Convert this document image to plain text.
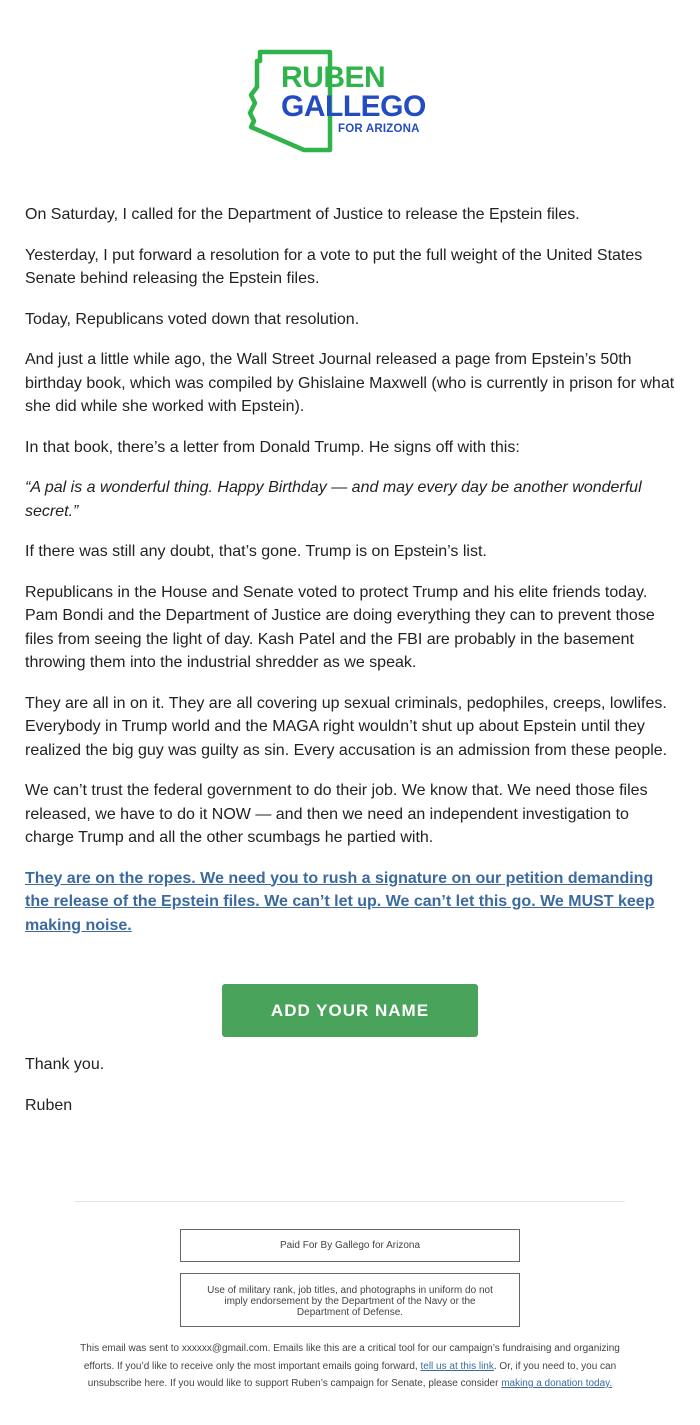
RUBEN
GALLEGO
FOR ARIZONA

On Saturday, I called for the Department of Justice to release the Epstein files.

Yesterday, I put forward a resolution for a vote to put the full weight of the United States Senate behind releasing the Epstein files.

Today, Republicans voted down that resolution.

And just a little while ago, the Wall Street Journal released a page from Epstein’s 50th birthday book, which was compiled by Ghislaine Maxwell (who is currently in prison for what she did while she worked with Epstein).

In that book, there’s a letter from Donald Trump. He signs off with this:

“A pal is a wonderful thing. Happy Birthday — and may every day be another wonderful secret.”

If there was still any doubt, that’s gone. Trump is on Epstein’s list.

Republicans in the House and Senate voted to protect Trump and his elite friends today. Pam Bondi and the Department of Justice are doing everything they can to prevent those files from seeing the light of day. Kash Patel and the FBI are probably in the basement throwing them into the industrial shredder as we speak.

They are all in on it. They are all covering up sexual criminals, pedophiles, creeps, lowlifes. Everybody in Trump world and the MAGA right wouldn’t shut up about Epstein until they realized the big guy was guilty as sin. Every accusation is an admission from these people.

We can’t trust the federal government to do their job. We know that. We need those files released, we have to do it NOW — and then we need an independent investigation to charge Trump and all the other scumbags he partied with.

They are on the ropes. We need you to rush a signature on our petition demanding the release of the Epstein files. We can’t let up. We can’t let this go. We MUST keep making noise.
ADD YOUR NAME
Thank you.
Ruben
Paid For By Gallego for Arizona
Use of military rank, job titles, and photographs in uniform do not imply endorsement by the Department of the Navy or the Department of Defense.
This email was sent to xxxxxx@gmail.com. Emails like this are a critical tool for our campaign’s fundraising and organizing efforts. If you’d like to receive only the most important emails going forward, tell us at this link. Or, if you need to, you can unsubscribe here. If you would like to support Ruben’s campaign for Senate, please consider making a donation today.
